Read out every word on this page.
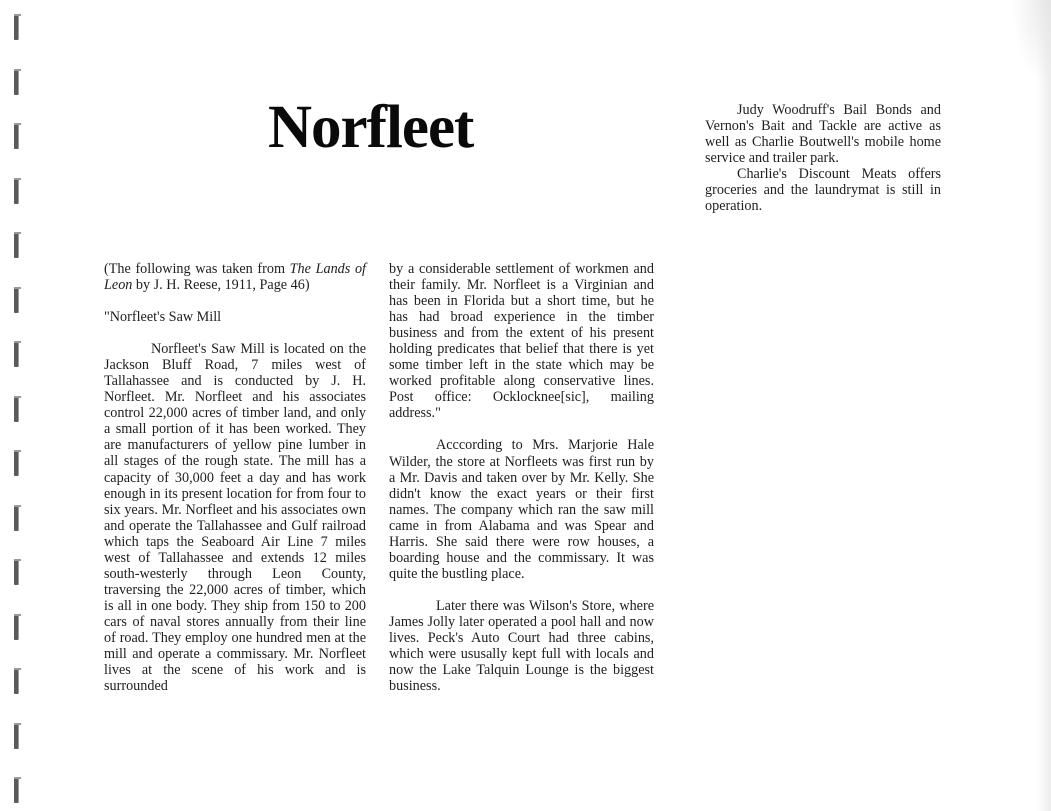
Norfleet

(The following was taken from The Lands of Leon by J. H. Reese, 1911, Page 46)

"Norfleet's Saw Mill

Norfleet's Saw Mill is located on the Jackson Bluff Road, 7 miles west of Tallahassee and is conducted by J. H. Norfleet. Mr. Norfleet and his associates control 22,000 acres of timber land, and only a small portion of it has been worked. They are manufacturers of yellow pine lumber in all stages of the rough state. The mill has a capacity of 30,000 feet a day and has work enough in its present location for from four to six years. Mr. Norfleet and his associates own and operate the Tallahassee and Gulf railroad which taps the Seaboard Air Line 7 miles west of Tallahassee and extends 12 miles south-westerly through Leon County, traversing the 22,000 acres of timber, which is all in one body. They ship from 150 to 200 cars of naval stores annually from their line of road. They employ one hundred men at the mill and operate a commissary. Mr. Norfleet lives at the scene of his work and is surrounded

by a considerable settlement of workmen and their family. Mr. Norfleet is a Virginian and has been in Florida but a short time, but he has had broad experience in the timber business and from the extent of his present holding predicates that belief that there is yet some timber left in the state which may be worked profitable along conservative lines. Post office: Ocklocknee[sic], mailing address."

Acccording to Mrs. Marjorie Hale Wilder, the store at Norfleets was first run by a Mr. Davis and taken over by Mr. Kelly. She didn't know the exact years or their first names. The company which ran the saw mill came in from Alabama and was Spear and Harris. She said there were row houses, a boarding house and the commissary. It was quite the bustling place.

Later there was Wilson's Store, where James Jolly later operated a pool hall and now lives. Peck's Auto Court had three cabins, which were ususally kept full with locals and now the Lake Talquin Lounge is the biggest business.

Judy Woodruff's Bail Bonds and Vernon's Bait and Tackle are active as well as Charlie Boutwell's mobile home service and trailer park.

Charlie's Discount Meats offers groceries and the laundrymat is still in operation.
